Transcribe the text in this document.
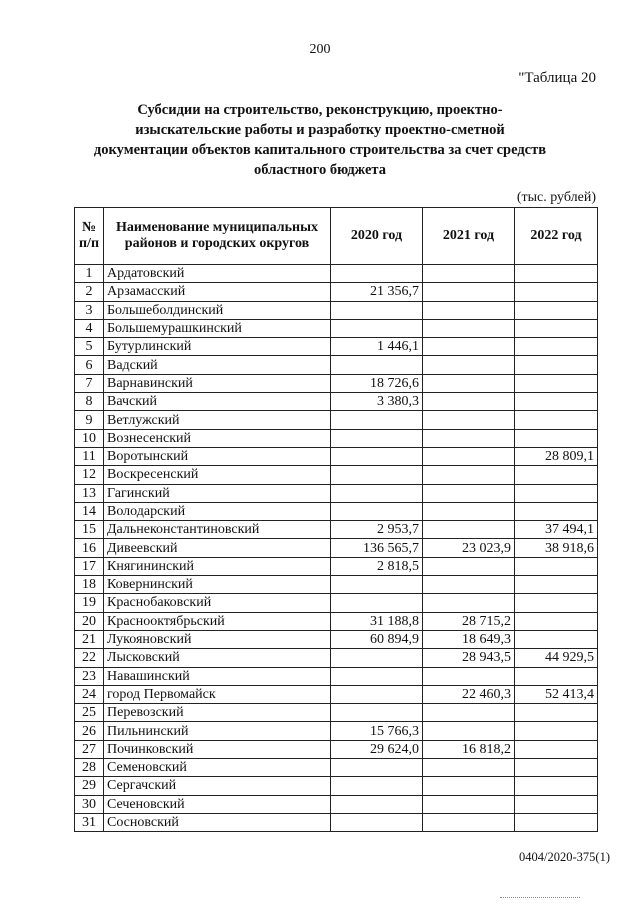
200
"Таблица 20
Субсидии на строительство, реконструкцию, проектно-изыскательские работы и разработку проектно-сметной документации объектов капитального строительства за счет средств областного бюджета
(тыс. рублей)
№ п/п	Наименование муниципальных районов и городских округов	2020 год	2021 год	2022 год
1	Ардатовский			
2	Арзамасский	21 356,7		
3	Большеболдинский			
4	Большемурашкинский			
5	Бутурлинский	1 446,1		
6	Вадский			
7	Варнавинский	18 726,6		
8	Вачский	3 380,3		
9	Ветлужский			
10	Вознесенский			
11	Воротынский			28 809,1
12	Воскресенский			
13	Гагинский			
14	Володарский			
15	Дальнеконстантиновский	2 953,7		37 494,1
16	Дивеевский	136 565,7	23 023,9	38 918,6
17	Княгининский	2 818,5		
18	Ковернинский			
19	Краснобаковский			
20	Краснооктябрьский	31 188,8	28 715,2	
21	Лукояновский	60 894,9	18 649,3	
22	Лысковский		28 943,5	44 929,5
23	Навашинский			
24	город Первомайск		22 460,3	52 413,4
25	Перевозский			
26	Пильнинский	15 766,3		
27	Починковский	29 624,0	16 818,2	
28	Семеновский			
29	Сергачский			
30	Сеченовский			
31	Сосновский			
0404/2020-375(1)
